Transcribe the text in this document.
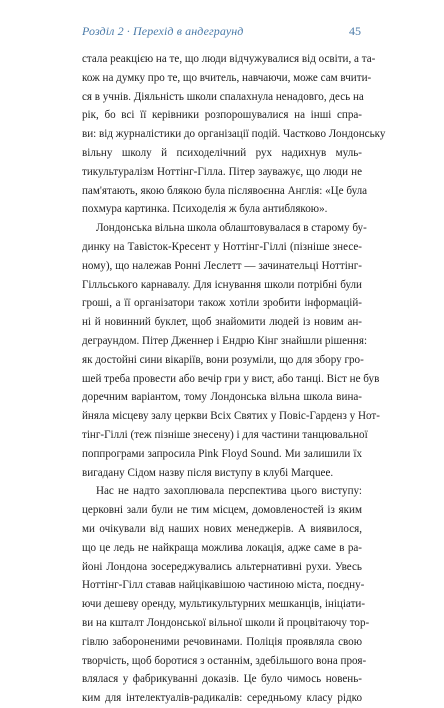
Розділ 2 · Перехід в андеграунд	45
стала реакцією на те, що люди відчужувалися від освіти, а та-
кож на думку про те, що вчитель, навчаючи, може сам вчити-
ся в учнів. Діяльність школи спалахнула ненадовго, десь на
рік, бо всі її керівники розпорошувалися на інші спра-
ви: від журналістики до організації подій. Частково Лондонську
вільну школу й психоделічний рух надихнув муль-
тикультуралізм Ноттінг-Гілла. Пітер зауважує, що люди не
пам'ятають, якою блякою була післявоєнна Англія: «Це була
похмура картинка. Психоделія ж була антиблякою».
Лондонська вільна школа облаштовувалася в старому бу-
динку на Тавісток-Кресент у Ноттінг-Гіллі (пізніше знесе-
ному), що належав Ронні Леслетт — зачинательці Ноттінг-
Гілльського карнавалу. Для існування школи потрібні були
гроші, а її організатори також хотіли зробити інформацій-
ні й новинний буклет, щоб знайомити людей із новим ан-
деграундом. Пітер Дженнер і Ендрю Кінг знайшли рішення:
як достойні сини вікаріїв, вони розуміли, що для збору гро-
шей треба провести або вечір гри у вист, або танці. Віст не був
доречним варіантом, тому Лондонська вільна школа вина-
йняла місцеву залу церкви Всіх Святих у Повіс-Гарденз у Нот-
тінг-Гіллі (теж пізніше знесену) і для частини танцювальної
поппрограми запросила Pink Floyd Sound. Ми залишили їх
вигадану Сідом назву після виступу в клубі Marquee.
Нас не надто захоплювала перспектива цього виступу:
церковні зали були не тим місцем, домовленостей із яким
ми очікували від наших нових менеджерів. А виявилося,
що це ледь не найкраща можлива локація, адже саме в ра-
йоні Лондона зосереджувались альтернативні рухи. Увесь
Ноттінг-Гілл ставав найцікавішою частиною міста, поєдну-
ючи дешеву оренду, мультикультурних мешканців, ініціати-
ви на кшталт Лондонської вільної школи й процвітаючу тор-
гівлю забороненими речовинами. Поліція проявляла свою
творчість, щоб боротися з останнім, здебільшого вона проя-
влялася у фабрикуванні доказів. Це було чимось новень-
ким для інтелектуалів-радикалів: середньому класу рідко
